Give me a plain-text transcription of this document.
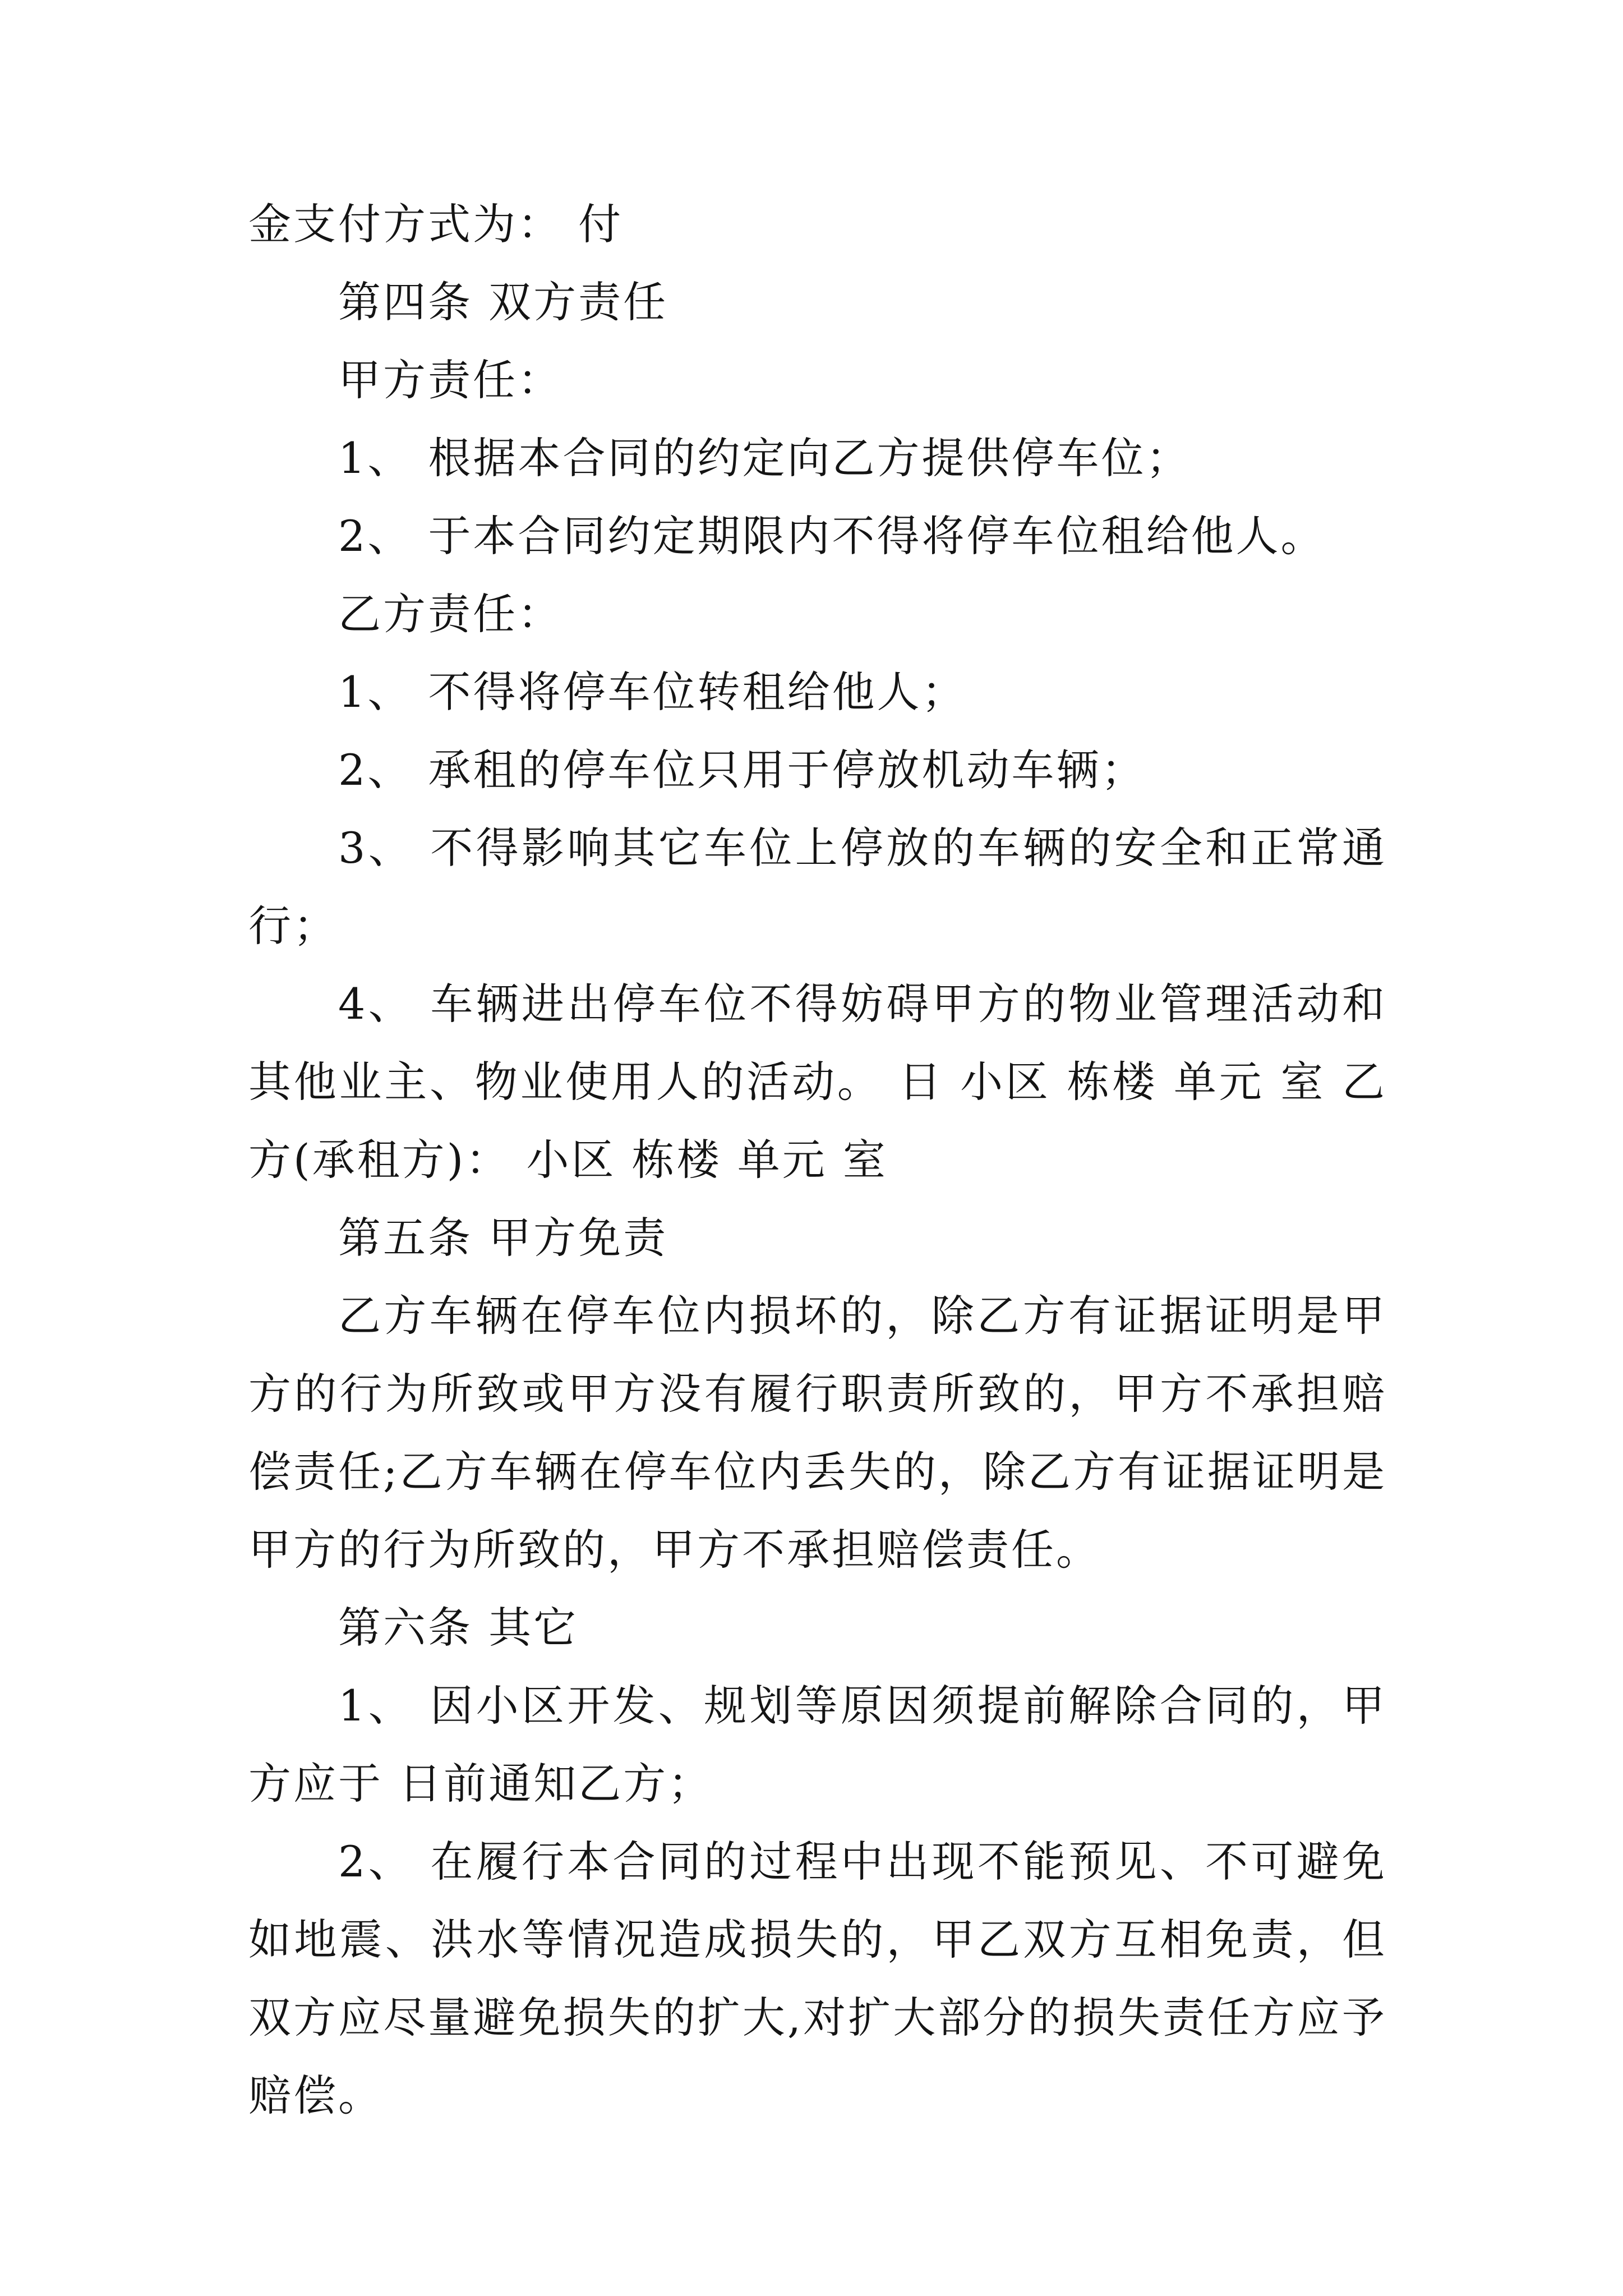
金支付方式为： 付

第四条 双方责任

甲方责任：

1、 根据本合同的约定向乙方提供停车位；

2、 于本合同约定期限内不得将停车位租给他人。

乙方责任：

1、 不得将停车位转租给他人；

2、 承租的停车位只用于停放机动车辆；

3、 不得影响其它车位上停放的车辆的安全和正常通行；

4、 车辆进出停车位不得妨碍甲方的物业管理活动和其他业主、物业使用人的活动。 日 小区 栋楼 单元 室 乙方(承租方)： 小区 栋楼 单元 室

第五条 甲方免责

乙方车辆在停车位内损坏的，除乙方有证据证明是甲方的行为所致或甲方没有履行职责所致的，甲方不承担赔偿责任;乙方车辆在停车位内丢失的，除乙方有证据证明是甲方的行为所致的，甲方不承担赔偿责任。

第六条 其它

1、 因小区开发、规划等原因须提前解除合同的，甲方应于 日前通知乙方；

2、 在履行本合同的过程中出现不能预见、不可避免如地震、洪水等情况造成损失的，甲乙双方互相免责，但双方应尽量避免损失的扩大,对扩大部分的损失责任方应予赔偿。
